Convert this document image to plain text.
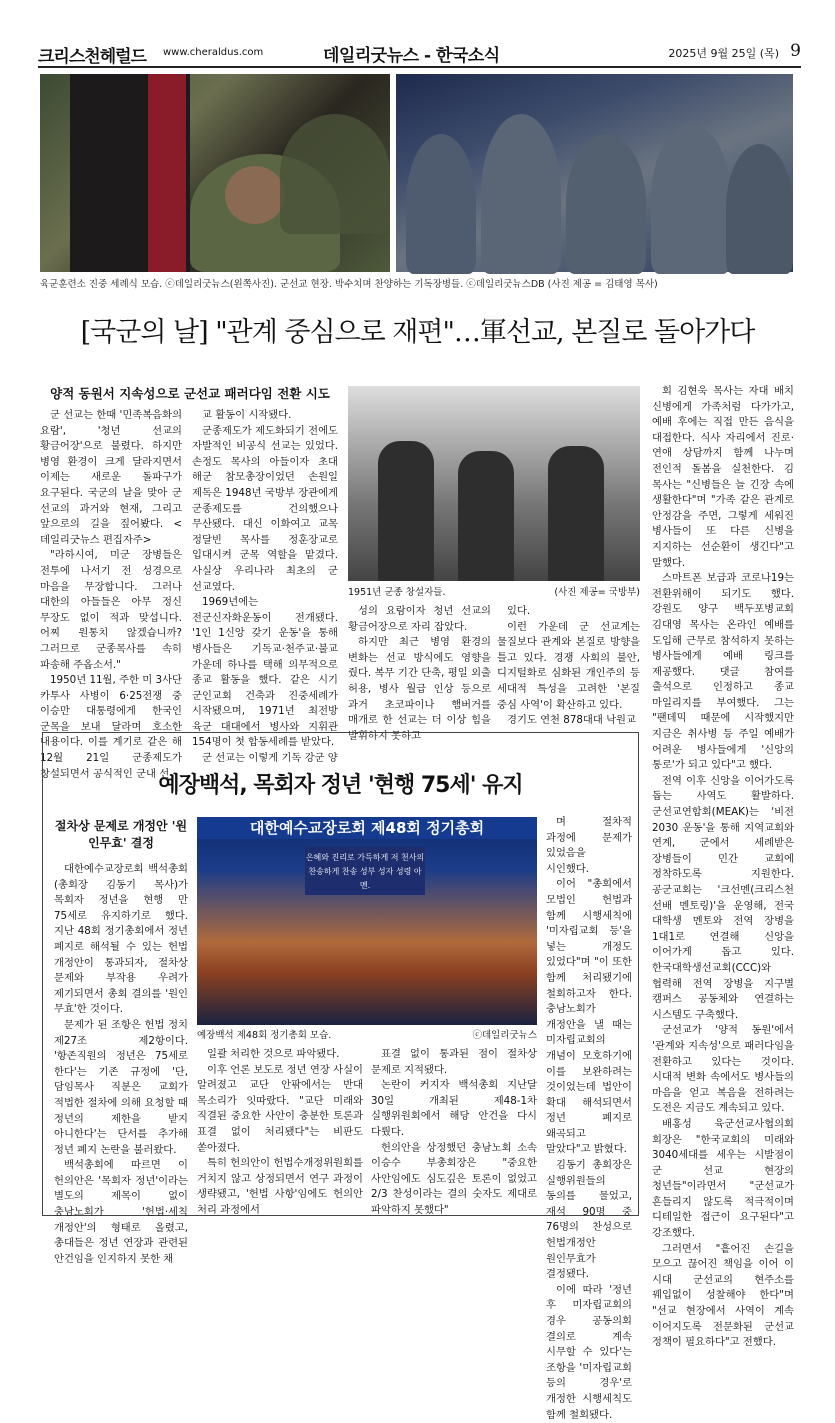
크리스천헤럴드 www.cheraldus.com	데일리굿뉴스 - 한국소식	2025년 9월 25일 (목) 9
육군훈련소 진중 세례식 모습. ⓒ데일리굿뉴스(왼쪽사진). 군선교 현장. 박수치며 찬양하는 기독장병들. ⓒ데일리굿뉴스DB (사진 제공 = 김태영 목사)
[국군의 날] "관계 중심으로 재편"…軍선교, 본질로 돌아가다
양적 동원서 지속성으로 군선교 패러다임 전환 시도

군 선교는 한때 '민족복음화의 요람', '청년 선교의 황금어장'으로 불렸다. 하지만 병영 환경이 크게 달라지면서 이제는 새로운 돌파구가 요구된다. 국군의 날을 맞아 군 선교의 과거와 현재, 그리고 앞으로의 길을 짚어봤다. <데일리굿뉴스 편집자주>

"라하시여, 미군 장병들은 전투에 나서기 전 성경으로 마음을 무장합니다. 그러나 대한의 아들들은 아무 정신 무장도 없이 적과 맞섭니다. 어찌 원통치 않겠습니까? 그러므로 군종목사를 속히 파송해 주옵소서."

1950년 11월, 주한 미 3사단 카투사 사병이 6·25전쟁 중 이승만 대통령에게 한국인 군목을 보내 달라며 호소한 내용이다. 이를 계기로 같은 해 12월 21일 군종제도가 창설되면서 공식적인 군내 선

교 활동이 시작됐다.

군종제도가 제도화되기 전에도 자발적인 비공식 선교는 있었다. 손정도 목사의 아들이자 초대 해군 참모총장이었던 손원일 제독은 1948년 국방부 장관에게 군종제도를 건의했으나 무산됐다. 대신 이화여고 교목 정달빈 목사를 정훈장교로 입대시켜 군목 역할을 맡겼다. 사실상 우리나라 최초의 군 선교였다.

1969년에는 전군신자화운동이 전개됐다. '1인 1신앙 갖기 운동'을 통해 병사들은 기독교·천주교·불교 가운데 하나를 택해 의무적으로 종교 활동을 했다. 같은 시기 군인교회 건축과 진중세례가 시작됐으며, 1971년 최전방 육군 대대에서 병사와 지휘관 154명이 첫 합동세례를 받았다.

군 선교는 이렇게 기독 강군 양

1951년 군종 창설자들.	(사진 제공= 국방부)

성의 요람이자 청년 선교의 황금어장으로 자리 잡았다.

하지만 최근 병영 환경의 변화는 선교 방식에도 영향을 줬다. 복무 기간 단축, 평일 외출 허용, 병사 월급 인상 등으로 과거 초코파이나 햄버거를 매개로 한 선교는 더 이상 힘을 발휘하지 못하고

있다.

이런 가운데 군 선교계는 물질보다 관계와 본질로 방향을 틀고 있다. 경쟁 사회의 불안, 디지털화로 심화된 개인주의 등 세대적 특성을 고려한 '본질 중심 사역'이 확산하고 있다.

경기도 연천 878대대 낙원교

회 김현욱 목사는 자대 배치 신병에게 가족처럼 다가가고, 예배 후에는 직접 만든 음식을 대접한다. 식사 자리에서 진로·연애 상담까지 함께 나누며 전인적 돌봄을 실천한다. 김 목사는 "신병들은 늘 긴장 속에 생활한다"며 "가족 같은 관계로 안정감을 주면, 그렇게 세워진 병사들이 또 다른 신병을 지지하는 선순환이 생긴다"고 말했다.

스마트폰 보급과 코로나19는 전환위해이 되기도 했다. 강원도 양구 백두포병교회 김대영 목사는 온라인 예배를 도입해 근무로 참석하지 못하는 병사들에게 예배 링크를 제공했다. 댓글 참여를 출석으로 인정하고 종교 마일리지를 부여했다. 그는 "팬데믹 때문에 시작했지만 지금은 취사병 등 주일 예배가 어려운 병사들에게 '신앙의 통로'가 되고 있다"고 했다.

전역 이후 신앙을 이어가도록 돕는 사역도 활발하다. 군선교연합회(MEAK)는 '비전 2030 운동'을 통해 지역교회와 연계, 군에서 세례받은 장병들이 민간 교회에 정착하도록 지원한다. 공군교회는 '크선멘(크리스천 선배 멘토링)'을 운영해, 전국 대학생 멘토와 전역 장병을 1대1로 연결해 신앙을 이어가게 돕고 있다. 한국대학생선교회(CCC)와 협력해 전역 장병을 지구별 캠퍼스 공동체와 연결하는 시스템도 구축했다.

군선교가 '양적 동원'에서 '관계와 지속성'으로 패러다임을 전환하고 있다는 것이다. 시대적 변화 속에서도 병사들의 마음을 얻고 복음을 전하려는 도전은 지금도 계속되고 있다.

배홍성 육군선교사협의회 회장은 "한국교회의 미래와 3040세대를 세우는 시발점이 군 선교 현장의 청년들"이라면서 "군선교가 흔들리지 않도록 적극적이며 디테일한 접근이 요구된다"고 강조했다.

그러면서 "흩어진 손길을 모으고 끊어진 책임을 이어 이 시대 군선교의 현주소를 꿰입없이 성찰해야 한다"며 "선교 현장에서 사역이 계속 이어지도록 전문화된 군선교 정책이 필요하다"고 전했다.

예장백석, 목회자 정년 '현행 75세' 유지
절차상 문제로 개정안 '원인무효' 결정

대한예수교장로회 백석총회(총회장 김동기 목사)가 목회자 정년을 현행 만 75세로 유지하기로 했다. 지난 48회 정기총회에서 정년 폐지로 해석될 수 있는 헌법 개정안이 통과되자, 절차상 문제와 부작용 우려가 제기되면서 총회 결의를 '원인 무효'한 것이다.

문제가 된 조항은 헌법 정치 제27조 제2항이다. '항존직원의 정년은 75세로 한다'는 기존 규정에 '단, 담임목사 직분은 교회가 적법한 절차에 의해 요청할 때 정년의 제한을 받지 아니한다'는 단서를 추가해 정년 폐지 논란을 불러왔다.

백석총회에 따르면 이 헌의안은 '목회자 정년'이라는 별도의 제목이 없이 충남노회가 '헌법·세칙 개정안'의 형태로 올렸고, 총대들은 정년 연장과 관련된 안건임을 인지하지 못한 채

대한예수교장로회 제48회 정기총회
은혜와 진리로 가득하게 저 천사의 찬송하게 찬송 성부 성자 성령 아멘.
예장백석 제48회 정기총회 모습.	ⓒ데일리굿뉴스

일괄 처리한 것으로 파악됐다.

이후 언론 보도로 정년 연장 사실이 알려졌고 교단 안팎에서는 반대 목소리가 잇따랐다. "교단 미래와 직결된 중요한 사안이 충분한 토론과 표결 없이 처리됐다"는 비판도 쏟아졌다.

특히 헌의안이 헌법수개정위원회를 거치지 않고 상정되면서 연구 과정이 생략됐고, '헌법 사항'임에도 헌의안 처리 과정에서

표결 없이 통과된 점이 절차상 문제로 지적됐다.

논란이 커지자 백석총회 지난달 30일 개최된 제48-1차 실행위원회에서 해당 안건을 다시 다뤘다.

헌의안을 상정했던 충남노회 소속 이승수 부총회장은 "중요한 사안임에도 심도깊은 토론이 없었고 2/3 찬성이라는 결의 숫자도 제대로 파악하지 못했다"

며 절차적 과정에 문제가 있었음을 시인했다.

이어 "총회에서 모법인 헌법과 함께 시행세칙에 '미자립교회 등'을 넣는 개정도 있었다"며 "이 또한 함께 처리됐기에 철회하고자 한다. 충남노회가 개정안을 낼 때는 미자립교회의 개념이 모호하기에 이를 보완하려는 것이었는데 법안이 확대 해석되면서 정년 폐지로 왜곡되고 말았다"고 밝혔다.

김동기 총회장은 실행위원들의 동의를 물었고, 재석 90명 중 76명의 찬성으로 헌법개정안 원인무효가 결정됐다.

이에 따라 '정년 후 미자립교회의 경우 공동의회 결의로 계속 시무할 수 있다'는 조항을 '미자립교회 등의 경우'로 개정한 시행세칙도 함께 철회됐다.
